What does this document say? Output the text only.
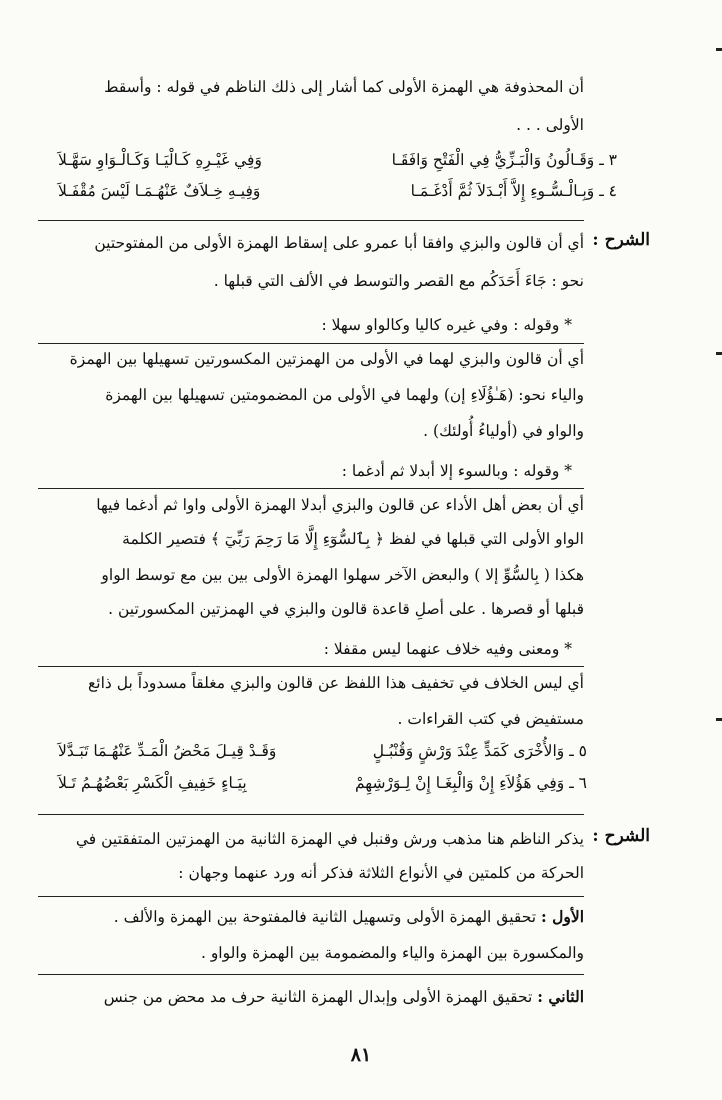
أن المحذوفة هي الهمزة الأولى كما أشار إلى ذلك الناظم في قوله : وأسقط
الأولى . . .
٣ ـ وَقَـالُونُ وَالْبَـزِّيُّ فِي الْفَتْحِ وَافَقَـا
وَفِي غَيْـرِهِ كَـالْيَـا وَكَـالْـوَاوِ سَهَّـلاَ
٤ ـ وَبِـالْـسُّـوءِ إِلاَّ أَبْـدَلاَ ثُمَّ أَدْغَـمَـا
وَفِيـهِ خِـلاَفٌ عَنْهُـمَـا لَيْسَ مُقْفَـلاَ
الشرح :
أي أن قالون والبزي وافقا أبا عمرو على إسقاط الهمزة الأولى من المفتوحتين
نحو : جَاءَ أَحَدَكُم مع القصر والتوسط في الألف التي قبلها .
* وقوله : وفي غيره كاليا وكالواو سهلا :
أي أن قالون والبزي لهما في الأولى من الهمزتين المكسورتين تسهيلها بين الهمزة
والياء نحو: (هَـٰؤُلَاءِ إن) ولهما في الأولى من المضمومتين تسهيلها بين الهمزة
والواو في (أولياءُ أُولئك) .
* وقوله : وبالسوء إلا أبدلا ثم أدغما :
أي أن بعض أهل الأداء عن قالون والبزي أبدلا الهمزة الأولى واوا ثم أدغما فيها
الواو الأولى التي قبلها في لفظ ﴿ بِٱلسُّوٓءِ إِلَّا مَا رَحِمَ رَبِّيٓ ﴾ فتصير الكلمة
هكذا ( بِالسُّوِّ إلا ) والبعض الآخر سهلوا الهمزة الأولى بين بين مع توسط الواو
قبلها أو قصرها . على أصلِ قاعدة قالون والبزي في الهمزتين المكسورتين .
* ومعنى وفيه خلاف عنهما ليس مقفلا :
أي ليس الخلاف في تخفيف هذا اللفظ عن قالون والبزي مغلقاً مسدوداً بل ذائع
مستفيض في كتب القراءات .
٥ ـ وَالأُخْرَى كَمَدٍّ عِنْدَ وَرْشٍ وَقُنْبُـلٍ
وَقَـدْ قِيـلَ مَحْضُ الْمَـدِّ عَنْهُـمَا تَبَـدَّلاَ
٦ ـ وَفِي هَؤُلاَءِ إِنْ وَالْبِغَـا إِنْ لِـوَرْشِهِمْ
بِيَـاءٍ خَفِيفِ الْكَسْرِ بَعْضُهُـمُ تَـلاَ
الشرح :
يذكر الناظم هنا مذهب ورش وقنبل في الهمزة الثانية من الهمزتين المتفقتين في
الحركة من كلمتين في الأنواع الثلاثة فذكر أنه ورد عنهما وجهان :
الأول : تحقيق الهمزة الأولى وتسهيل الثانية فالمفتوحة بين الهمزة والألف .
والمكسورة بين الهمزة والياء والمضمومة بين الهمزة والواو .
الثاني : تحقيق الهمزة الأولى وإبدال الهمزة الثانية حرف مد محض من جنس
٨١
